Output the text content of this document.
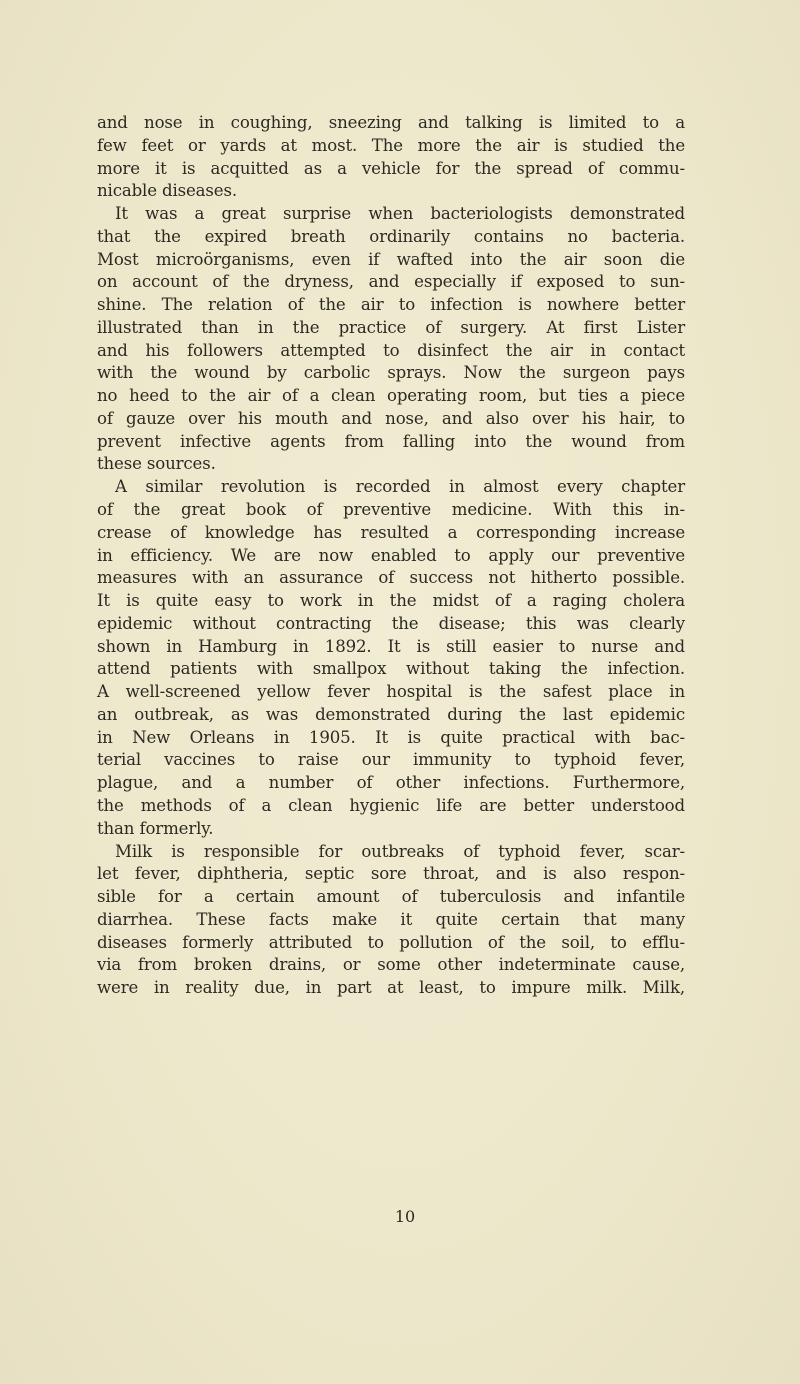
and nose in coughing, sneezing and talking is limited to a
few feet or yards at most. The more the air is studied the
more it is acquitted as a vehicle for the spread of commu-
nicable diseases.
It was a great surprise when bacteriologists demonstrated
that the expired breath ordinarily contains no bacteria.
Most microörganisms, even if wafted into the air soon die
on account of the dryness, and especially if exposed to sun-
shine. The relation of the air to infection is nowhere better
illustrated than in the practice of surgery. At first Lister
and his followers attempted to disinfect the air in contact
with the wound by carbolic sprays. Now the surgeon pays
no heed to the air of a clean operating room, but ties a piece
of gauze over his mouth and nose, and also over his hair, to
prevent infective agents from falling into the wound from
these sources.
A similar revolution is recorded in almost every chapter
of the great book of preventive medicine. With this in-
crease of knowledge has resulted a corresponding increase
in efficiency. We are now enabled to apply our preventive
measures with an assurance of success not hitherto possible.
It is quite easy to work in the midst of a raging cholera
epidemic without contracting the disease; this was clearly
shown in Hamburg in 1892. It is still easier to nurse and
attend patients with smallpox without taking the infection.
A well-screened yellow fever hospital is the safest place in
an outbreak, as was demonstrated during the last epidemic
in New Orleans in 1905. It is quite practical with bac-
terial vaccines to raise our immunity to typhoid fever,
plague, and a number of other infections. Furthermore,
the methods of a clean hygienic life are better understood
than formerly.
Milk is responsible for outbreaks of typhoid fever, scar-
let fever, diphtheria, septic sore throat, and is also respon-
sible for a certain amount of tuberculosis and infantile
diarrhea. These facts make it quite certain that many
diseases formerly attributed to pollution of the soil, to efflu-
via from broken drains, or some other indeterminate cause,
were in reality due, in part at least, to impure milk. Milk,
10
